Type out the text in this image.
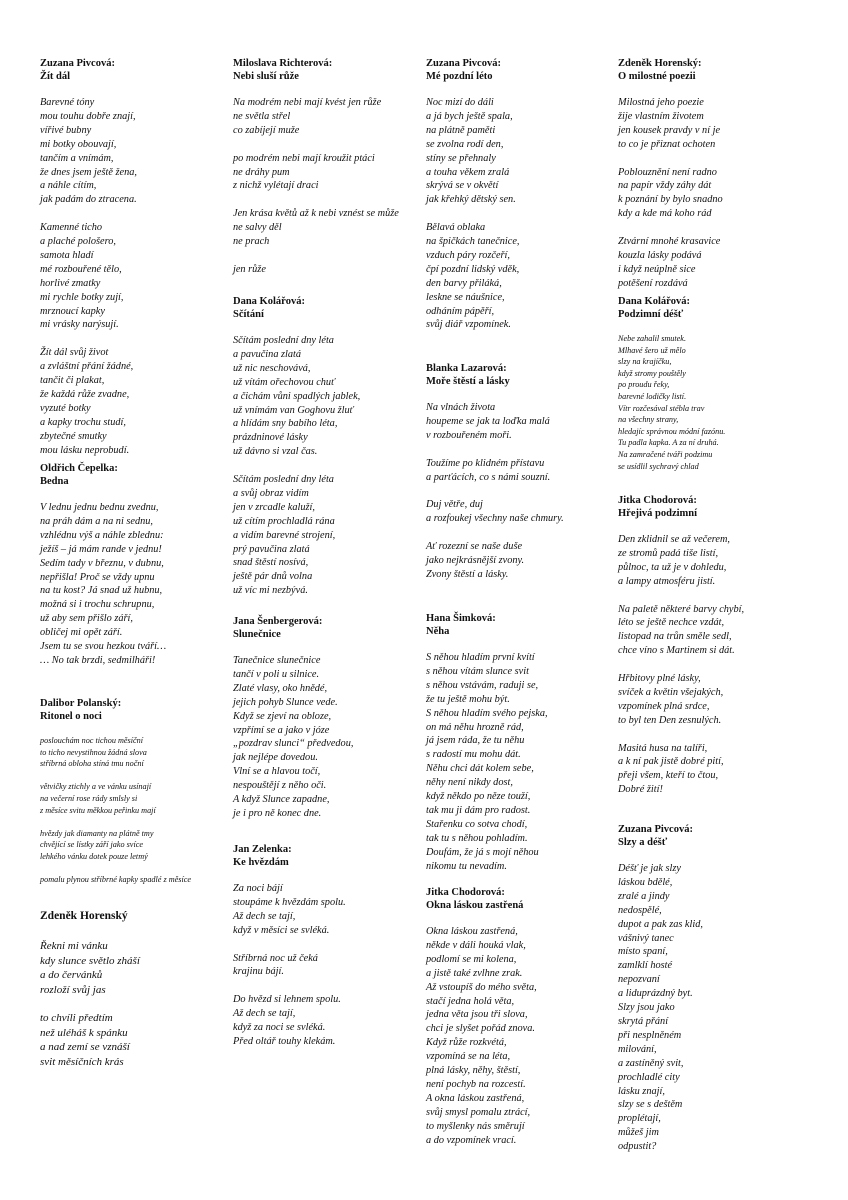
Zuzana Pivcová:
Žít dál
Barevné tóny
mou touhu dobře znají,
vířivé bubny
mi botky obouvají,
tančím a vnímám,
že dnes jsem ještě žena,
a náhle cítím,
jak padám do ztracena.
Kamenné ticho
a plaché pološero,
samota hladí
mé rozbouřené tělo,
horlivé zmatky
mi rychle botky zují,
mrznoucí kapky
mi vrásky narýsují.
Žít dál svůj život
a zvláštní přání žádné,
tančit či plakat,
že každá růže zvadne,
vyzuté botky
a kapky trochu studí,
zbytečné smutky
mou lásku neprobudí.
Oldřich Čepelka:
Bedna
V lednu jednu bednu zvednu,
na práh dám a na ni sednu,
vzhlédnu výš a náhle zblednu:
ježíš – já mám rande v jednu!
Sedím tady v březnu, v dubnu,
nepřišla! Proč se vždy upnu
na tu kost? Já snad už hubnu,
možná si i trochu schrupnu,
už aby sem přišlo září,
obličej mi opět září.
Jsem tu se svou hezkou tváří…
… No tak brzdi, sedmilháři!
Dalibor Polanský:
Ritonel o noci
poslouchám noc tichou měsíční
to ticho nevystihnou žádná slova
stříbrná obloha stíná tmu noční
větvičky ztichly a ve vánku usínají
na večerní rose rády smlsly si
z měsíce svitu měkkou peřinku mají
hvězdy jak diamanty na plátně tmy
chvějící se lístky září jako svíce
lehkého vánku dotek pouze letmý
pomalu plynou stříbrné kapky spadlé z měsíce
Zdeněk Horenský
Řekni mi vánku
kdy slunce světlo zháší
a do červánků
rozloží svůj jas
to chvíli předtím
než uléháš k spánku
a nad zemí se vznáší
svit měsíčních krás
Miloslava Richterová:
Nebi sluší růže
Na modrém nebi mají kvést jen růže
ne světla střel
co zabíjejí muže
po modrém nebi mají kroužit ptáci
ne dráhy pum
z nichž vylétají draci
Jen krása květů až k nebi vznést se může
ne salvy děl
ne prach
jen růže
Dana Kolářová:
Sčítání
Sčítám poslední dny léta
a pavučina zlatá
už nic neschovává,
už vítám ořechovou chuť
a čichám vůni spadlých jablek,
už vnímám van Goghovu žluť
a hlídám sny babího léta,
prázdninové lásky
už dávno si vzal čas.
Sčítám poslední dny léta
a svůj obraz vidím
jen v zrcadle kaluží,
už cítím prochladlá rána
a vidím barevné strojení,
prý pavučina zlatá
snad štěstí nosívá,
ještě pár dnů volna
už víc mi nezbývá.
Jana Šenbergerová:
Slunečnice
Tanečnice slunečnice
tančí v poli u silnice.
Zlaté vlasy, oko hnědé,
jejich pohyb Slunce vede.
Když se zjeví na obloze,
vzpřímí se a jako v józe
„pozdrav slunci“ předvedou,
jak nejlépe dovedou.
Vlní se a hlavou točí,
nespouštějí z něho oči.
A když Slunce zapadne,
je i pro ně konec dne.
Jan Zelenka:
Ke hvězdám
Za noci bájí
stoupáme k hvězdám spolu.
Až dech se tají,
když v měsíci se svléká.
Stříbrná noc už čeká
krajinu bájí.
Do hvězd si lehnem spolu.
Až dech se tají,
když za noci se svléká.
Před oltář touhy klekám.
Zuzana Pivcová:
Mé pozdní léto
Noc mizí do dáli
a já bych ještě spala,
na plátně paměti
se zvolna rodí den,
stíny se přehnaly
a touha věkem zralá
skrývá se v okvětí
jak křehký dětský sen.
Bělavá oblaka
na špičkách tanečnice,
vzduch páry rozčeří,
čpí pozdní lidský vděk,
den barvy přiláká,
leskne se náušnice,
odháním pápěří,
svůj diář vzpomínek.
Blanka Lazarová:
Moře štěstí a lásky
Na vlnách života
houpeme se jak ta loďka malá
v rozbouřeném moři.
Toužíme po klidném přístavu
a parťácích, co s námi souzní.
Duj větře, duj
a rozfoukej všechny naše chmury.
Ať rozezní se naše duše
jako nejkrásnější zvony.
Zvony štěstí a lásky.
Hana Šimková:
Něha
S něhou hladím první kvítí
s něhou vítám slunce svit
s něhou vstávám, raduji se,
že tu ještě mohu být.
S něhou hladím svého pejska,
on má něhu hrozně rád,
já jsem ráda, že tu něhu
s radostí mu mohu dát.
Něhu chci dát kolem sebe,
něhy není nikdy dost,
když někdo po něze touží,
tak mu ji dám pro radost.
Stařenku co sotva chodí,
tak tu s něhou pohladím.
Doufám, že já s mojí něhou
nikomu tu nevadím.
Jitka Chodorová:
Okna láskou zastřená
Okna láskou zastřená,
někde v dáli houká vlak,
podlomí se mi kolena,
a jistě také zvlhne zrak.
Až vstoupíš do mého světa,
stačí jedna holá věta,
jedna věta jsou tři slova,
chci je slyšet pořád znova.
Když růže rozkvétá,
vzpomíná se na léta,
plná lásky, něhy, štěstí,
není pochyb na rozcestí.
A okna láskou zastřená,
svůj smysl pomalu ztrácí,
to myšlenky nás směrují
a do vzpomínek vrací.
Zdeněk Horenský:
O milostné poezii
Milostná jeho poezie
žije vlastním životem
jen kousek pravdy v ní je
to co je přiznat ochoten
Poblouznění není radno
na papír vždy záhy dát
k poznání by bylo snadno
kdy a kde má koho rád
Ztvární mnohé krasavice
kouzla lásky podává
i když neúplně sice
potěšení rozdává
Dana Kolářová:
Podzimní déšť
Nebe zahalil smutek.
Mlhavé šero už mělo
slzy na krajíčku,
když stromy pouštěly
po proudu řeky,
barevné lodičky listí.
Vítr rozčesával stébla trav
na všechny strany,
hledajíc správnou módní fazónu.
Tu padla kapka. A za ní druhá.
Na zamračené tváři podzimu
se usídlil sychravý chlad
Jitka Chodorová:
Hřejivá podzimní
Den zklidnil se až večerem,
ze stromů padá tiše listí,
půlnoc, ta už je v dohledu,
a lampy atmosféru jistí.
Na paletě některé barvy chybí,
léto se ještě nechce vzdát,
listopad na trůn směle sedl,
chce víno s Martinem si dát.
Hřbitovy plné lásky,
svíček a květin všejakých,
vzpomínek plná srdce,
to byl ten Den zesnulých.
Masitá husa na talíři,
a k ní pak jistě dobré pití,
přeji všem, kteří to čtou,
Dobré žití!
Zuzana Pivcová:
Slzy a déšť
Déšť je jak slzy
láskou bdělé,
zralé a jindy
nedospělé,
dupot a pak zas klid,
vášnivý tanec
místo spaní,
zamlklí hosté
nepozvaní
a liduprázdný byt.
Slzy jsou jako
skrytá přání
při nesplněném
milování,
a zastíněný svit,
prochladlé city
lásku znají,
slzy se s deštěm
proplétají,
můžeš jim
odpustit?
